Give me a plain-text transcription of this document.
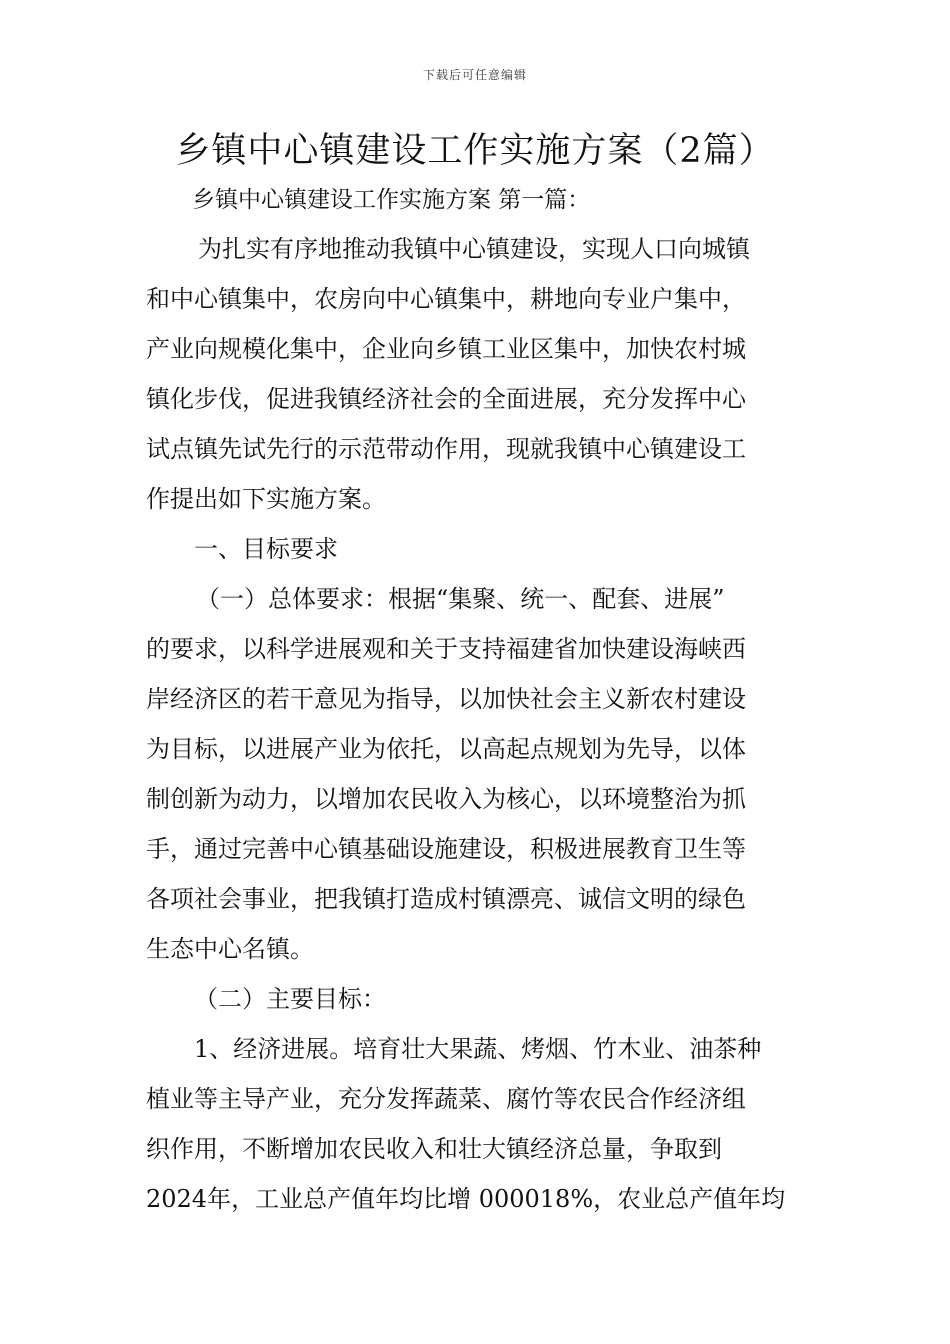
下载后可任意编辑
乡镇中心镇建设工作实施方案（2篇）
乡镇中心镇建设工作实施方案 第一篇：
为扎实有序地推动我镇中心镇建设，实现人口向城镇
和中心镇集中，农房向中心镇集中，耕地向专业户集中，
产业向规模化集中，企业向乡镇工业区集中，加快农村城
镇化步伐，促进我镇经济社会的全面进展，充分发挥中心
试点镇先试先行的示范带动作用，现就我镇中心镇建设工
作提出如下实施方案。
一、目标要求
（一）总体要求：根据“集聚、统一、配套、进展”
的要求，以科学进展观和关于支持福建省加快建设海峡西
岸经济区的若干意见为指导，以加快社会主义新农村建设
为目标，以进展产业为依托，以高起点规划为先导，以体
制创新为动力，以增加农民收入为核心，以环境整治为抓
手，通过完善中心镇基础设施建设，积极进展教育卫生等
各项社会事业，把我镇打造成村镇漂亮、诚信文明的绿色
生态中心名镇。
（二）主要目标：
1、经济进展。培育壮大果蔬、烤烟、竹木业、油茶种
植业等主导产业，充分发挥蔬菜、腐竹等农民合作经济组
织作用，不断增加农民收入和壮大镇经济总量，争取到
2024年，工业总产值年均比增 000018%，农业总产值年均
